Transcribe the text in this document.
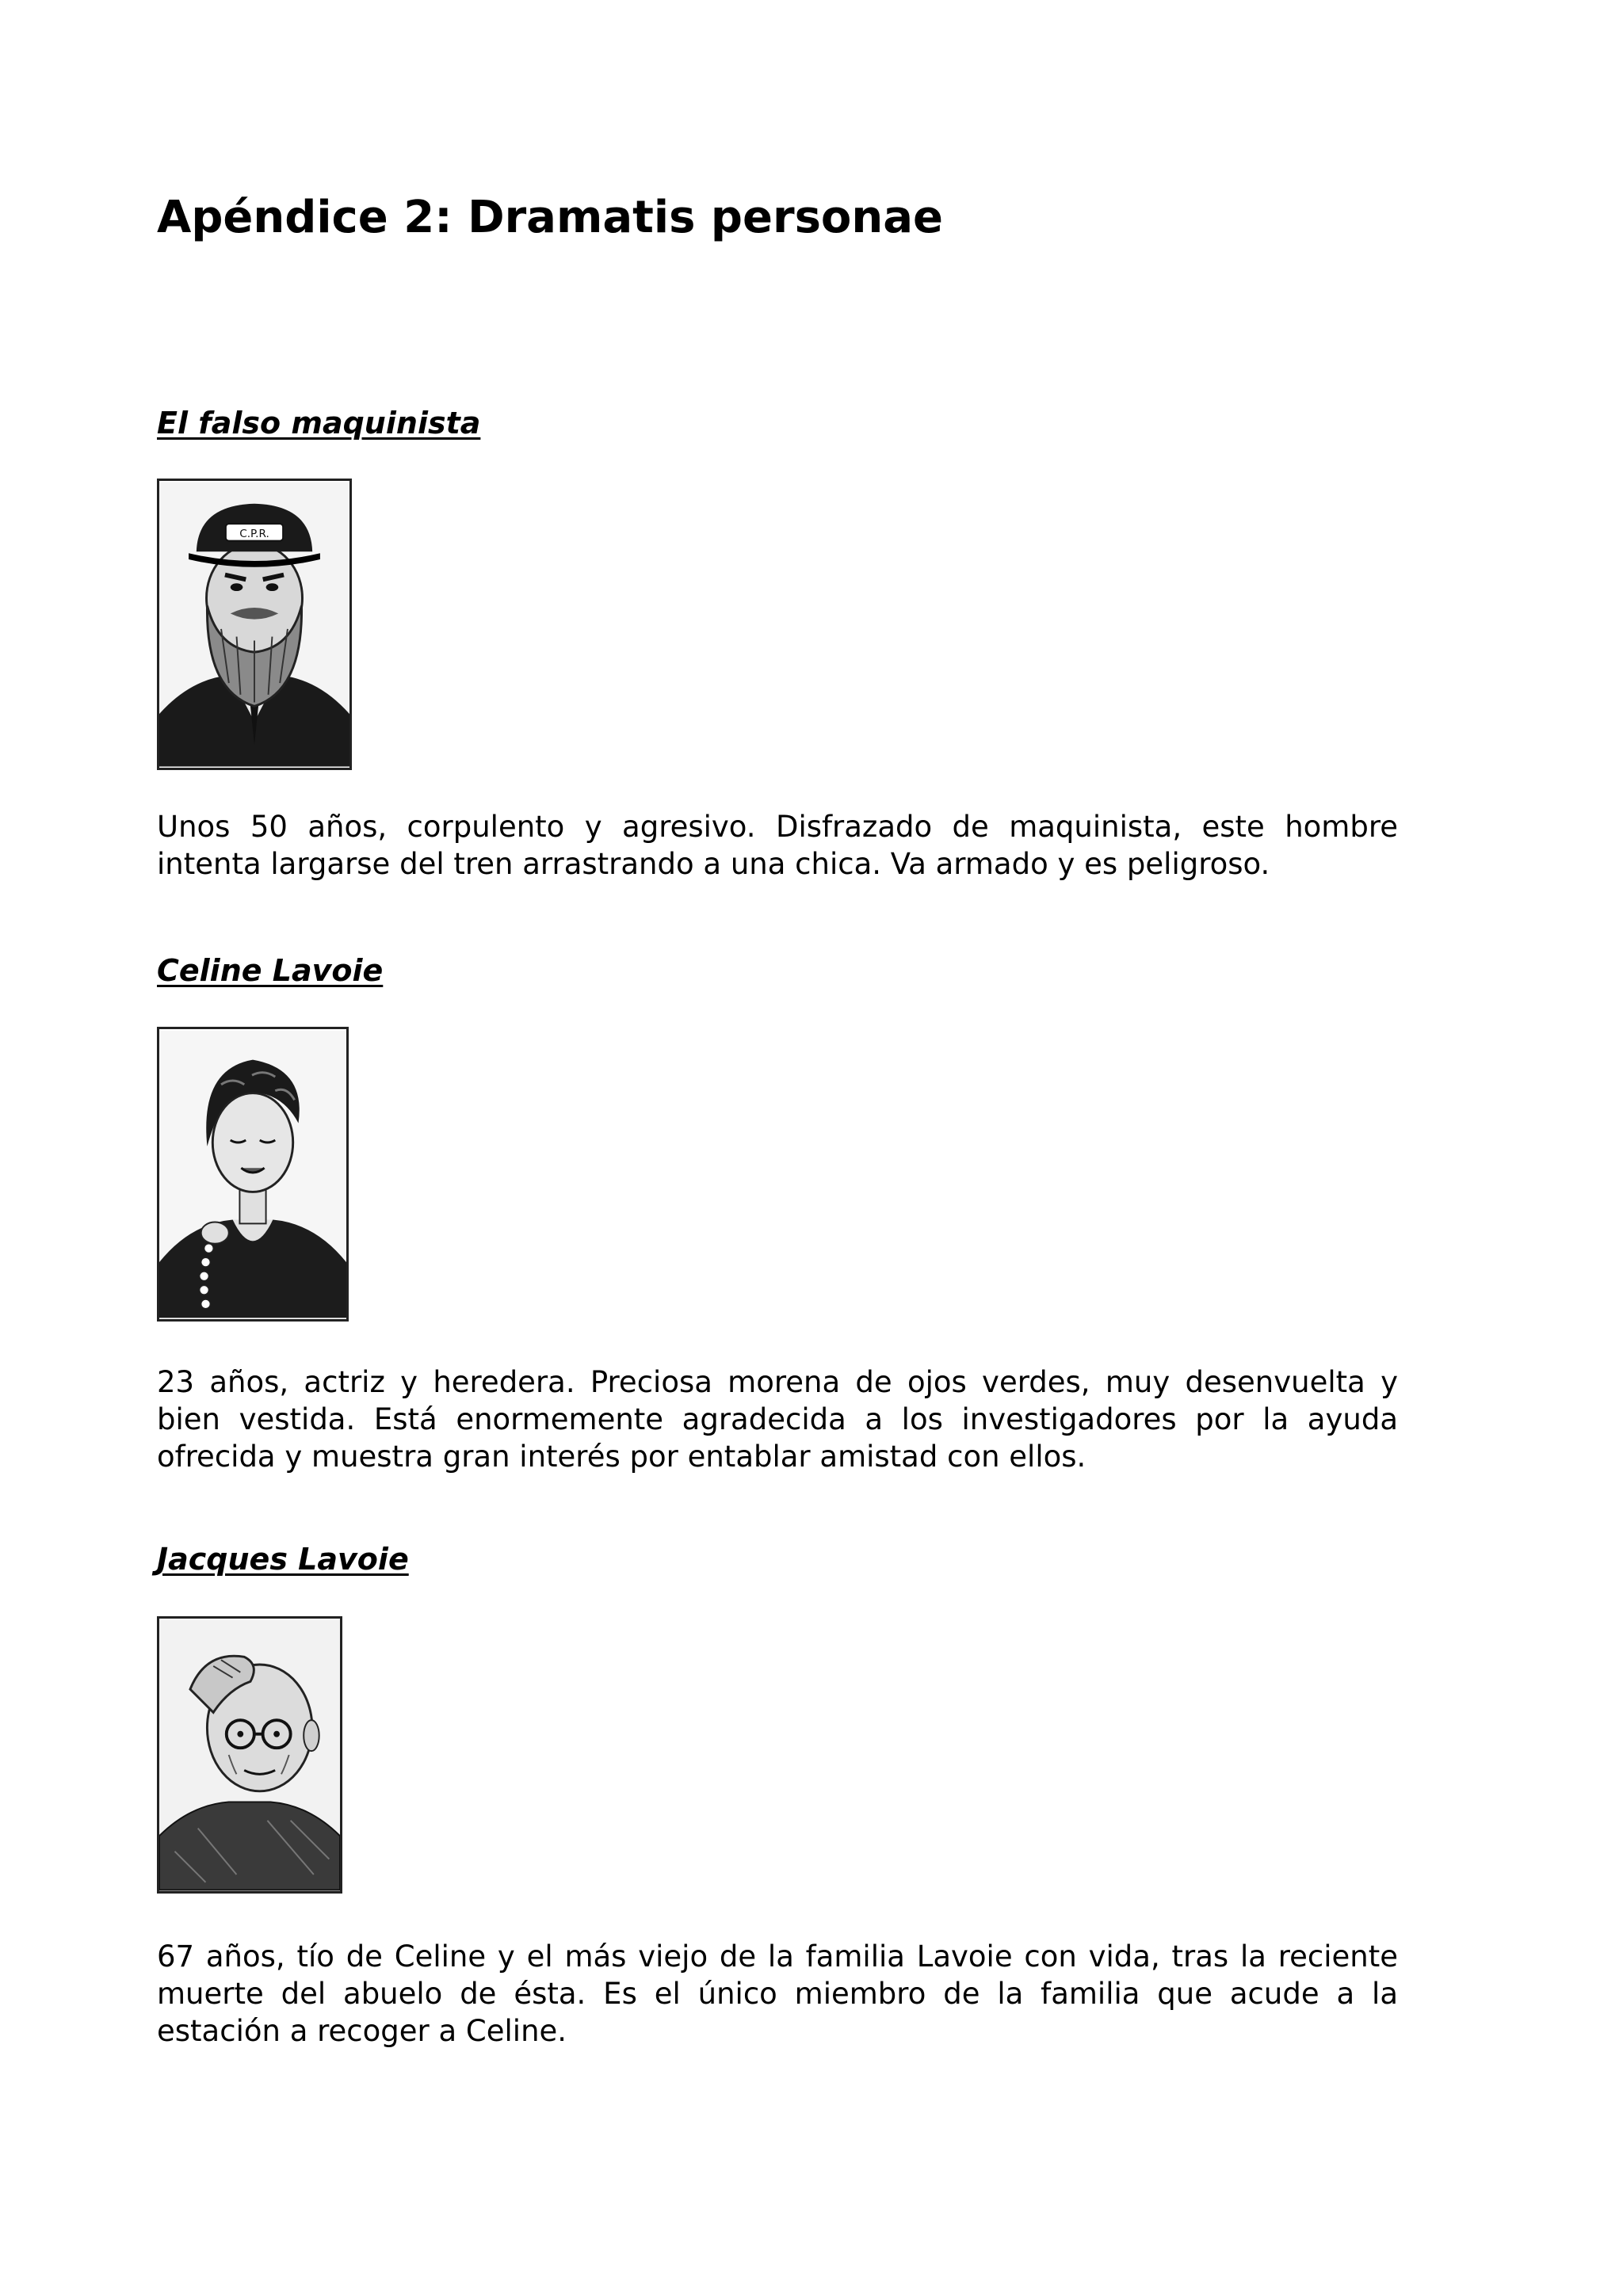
Apéndice 2: Dramatis personae
El falso maquinista
C.P.R.

Unos 50 años, corpulento y agresivo. Disfrazado de maquinista, este hombre intenta largarse del tren arrastrando a una chica. Va armado y es peligroso.

Celine Lavoie

23 años, actriz y heredera. Preciosa morena de ojos verdes, muy desenvuelta y bien vestida. Está enormemente agradecida a los investigadores por la ayuda ofrecida y muestra gran interés por entablar amistad con ellos.

Jacques Lavoie

67 años, tío de Celine y el más viejo de la familia Lavoie con vida, tras la reciente muerte del abuelo de ésta. Es el único miembro de la familia que acude a la estación a recoger a Celine.
